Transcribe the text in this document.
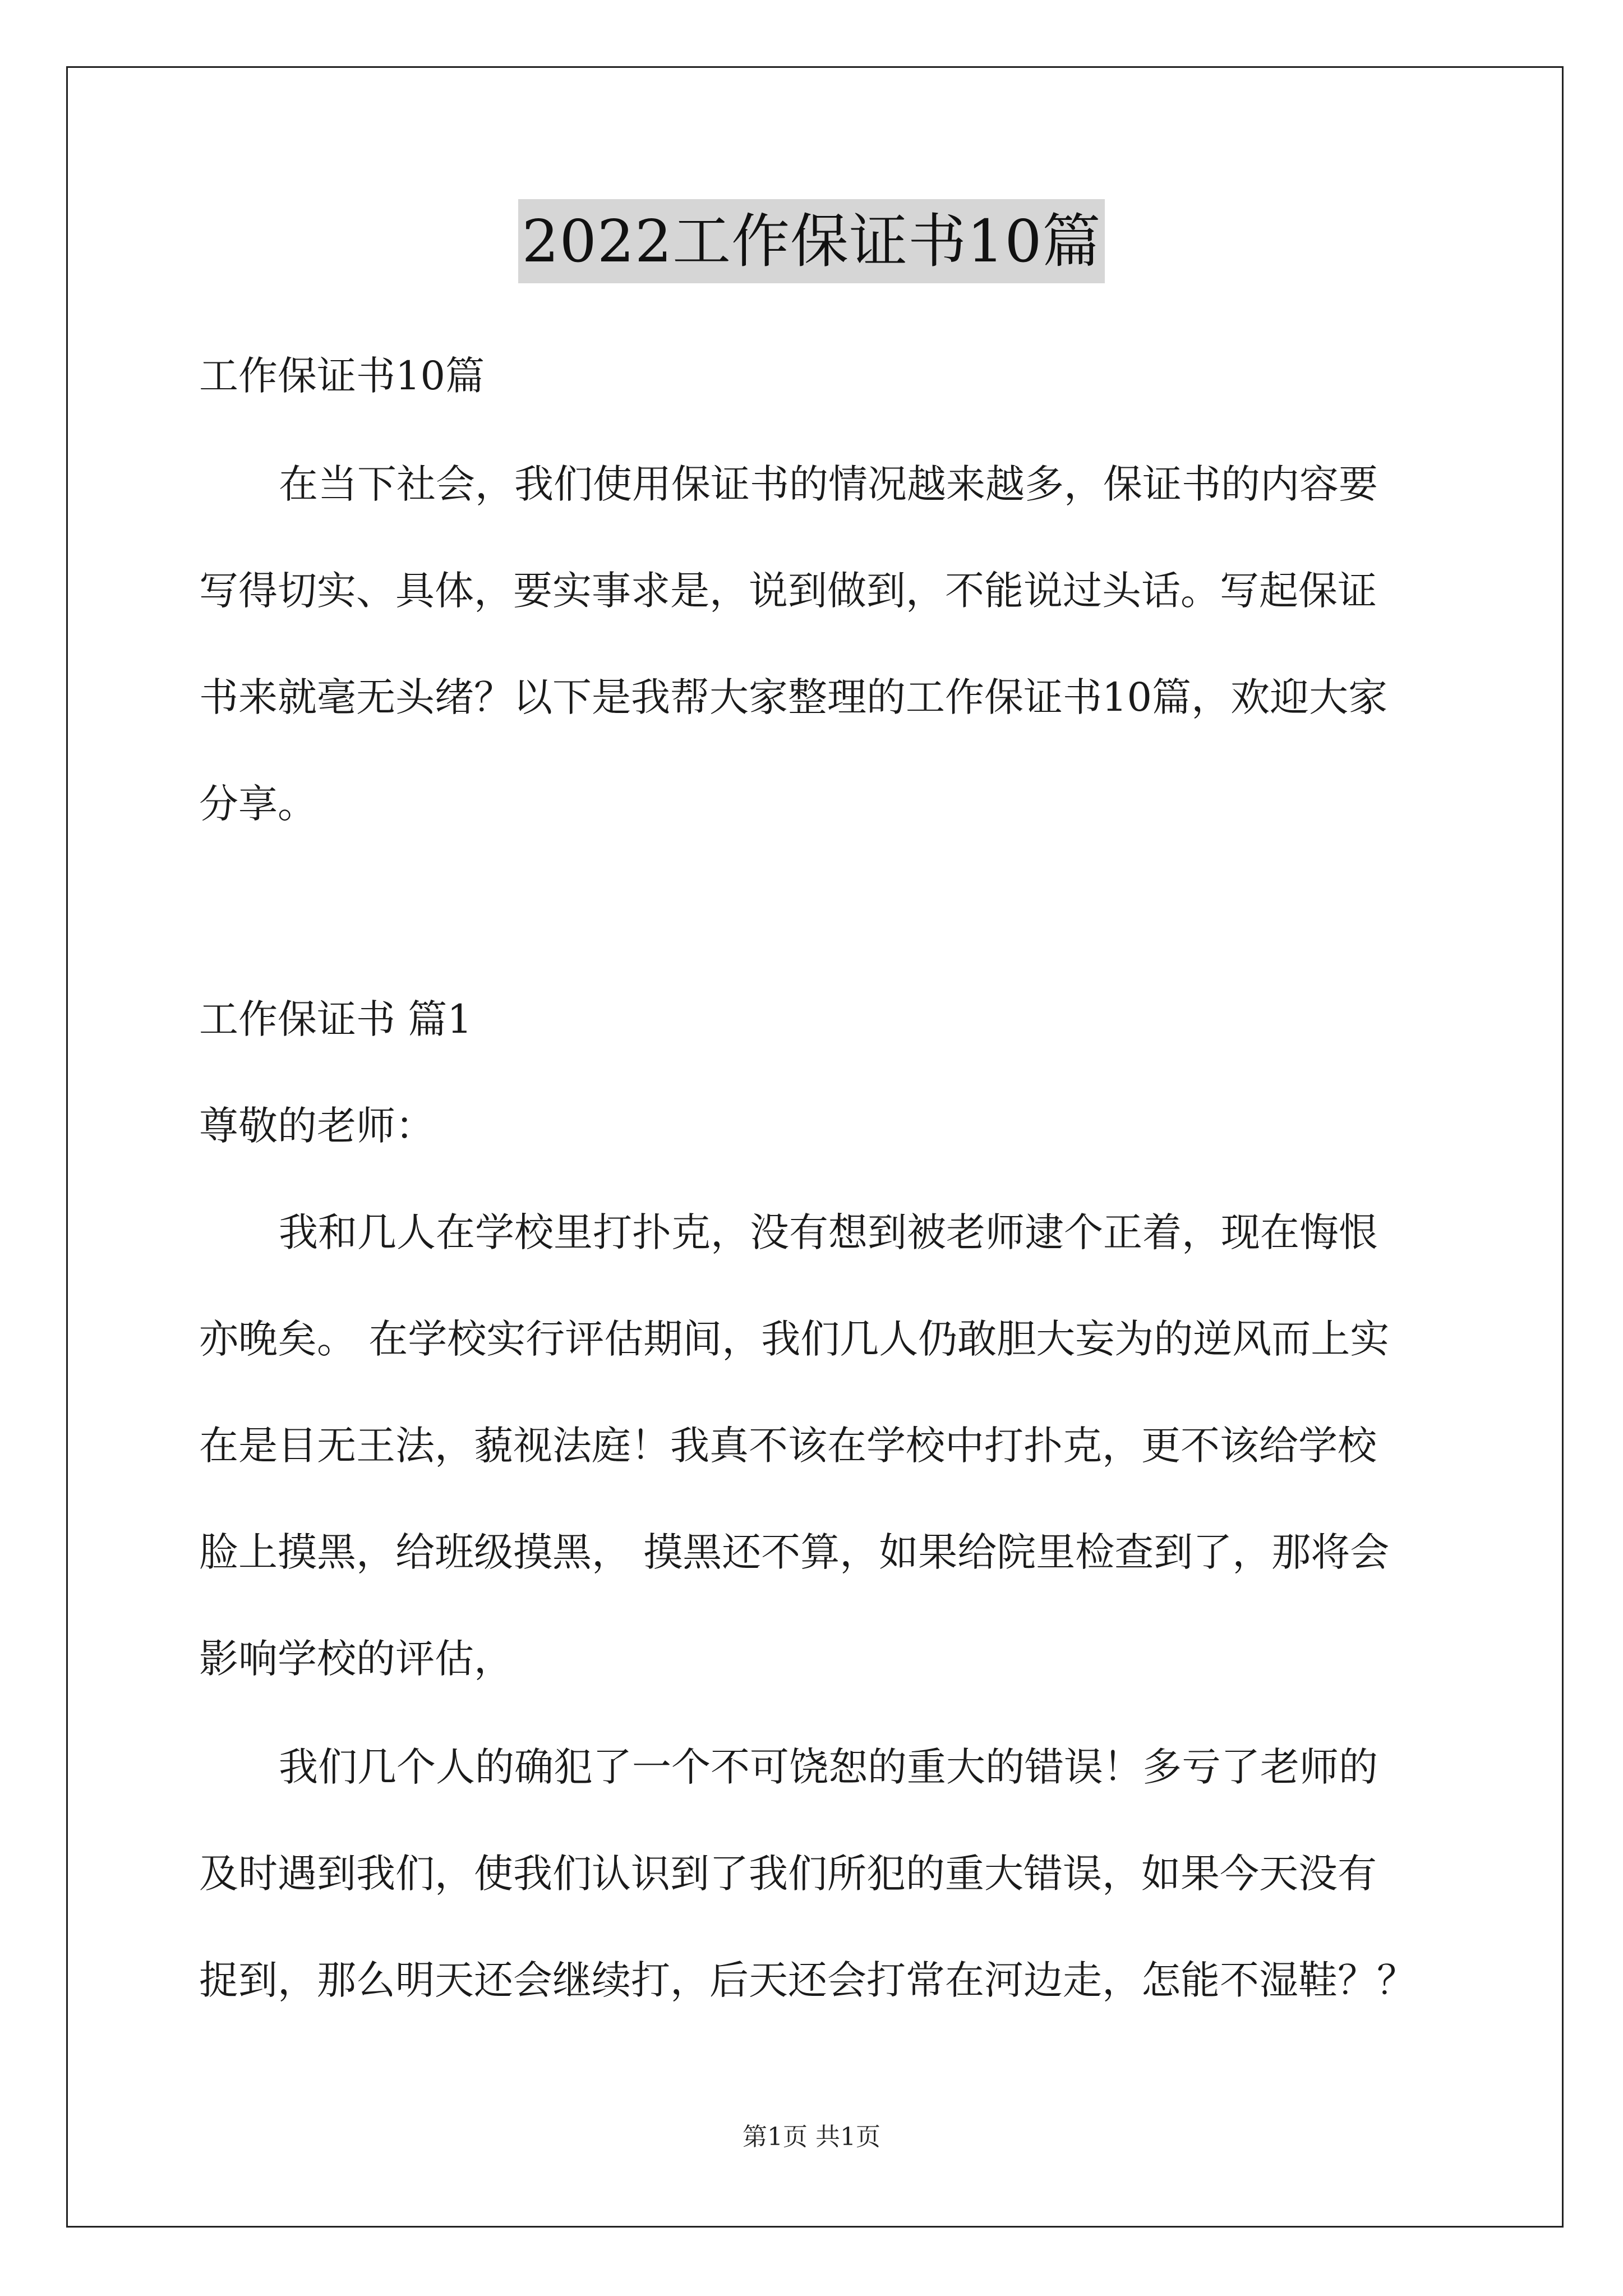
2022工作保证书10篇
工作保证书10篇
在当下社会，我们使用保证书的情况越来越多，保证书的内容要
写得切实、具体，要实事求是，说到做到，不能说过头话。写起保证
书来就毫无头绪？以下是我帮大家整理的工作保证书10篇，欢迎大家
分享。
工作保证书 篇1
尊敬的老师：
我和几人在学校里打扑克，没有想到被老师逮个正着，现在悔恨
亦晚矣。 在学校实行评估期间，我们几人仍敢胆大妄为的逆风而上实
在是目无王法，藐视法庭！我真不该在学校中打扑克，更不该给学校
脸上摸黑，给班级摸黑， 摸黑还不算，如果给院里检查到了，那将会
影响学校的评估，
我们几个人的确犯了一个不可饶恕的重大的错误！多亏了老师的
及时遇到我们，使我们认识到了我们所犯的重大错误，如果今天没有
捉到，那么明天还会继续打，后天还会打常在河边走，怎能不湿鞋？？
第1页 共1页
